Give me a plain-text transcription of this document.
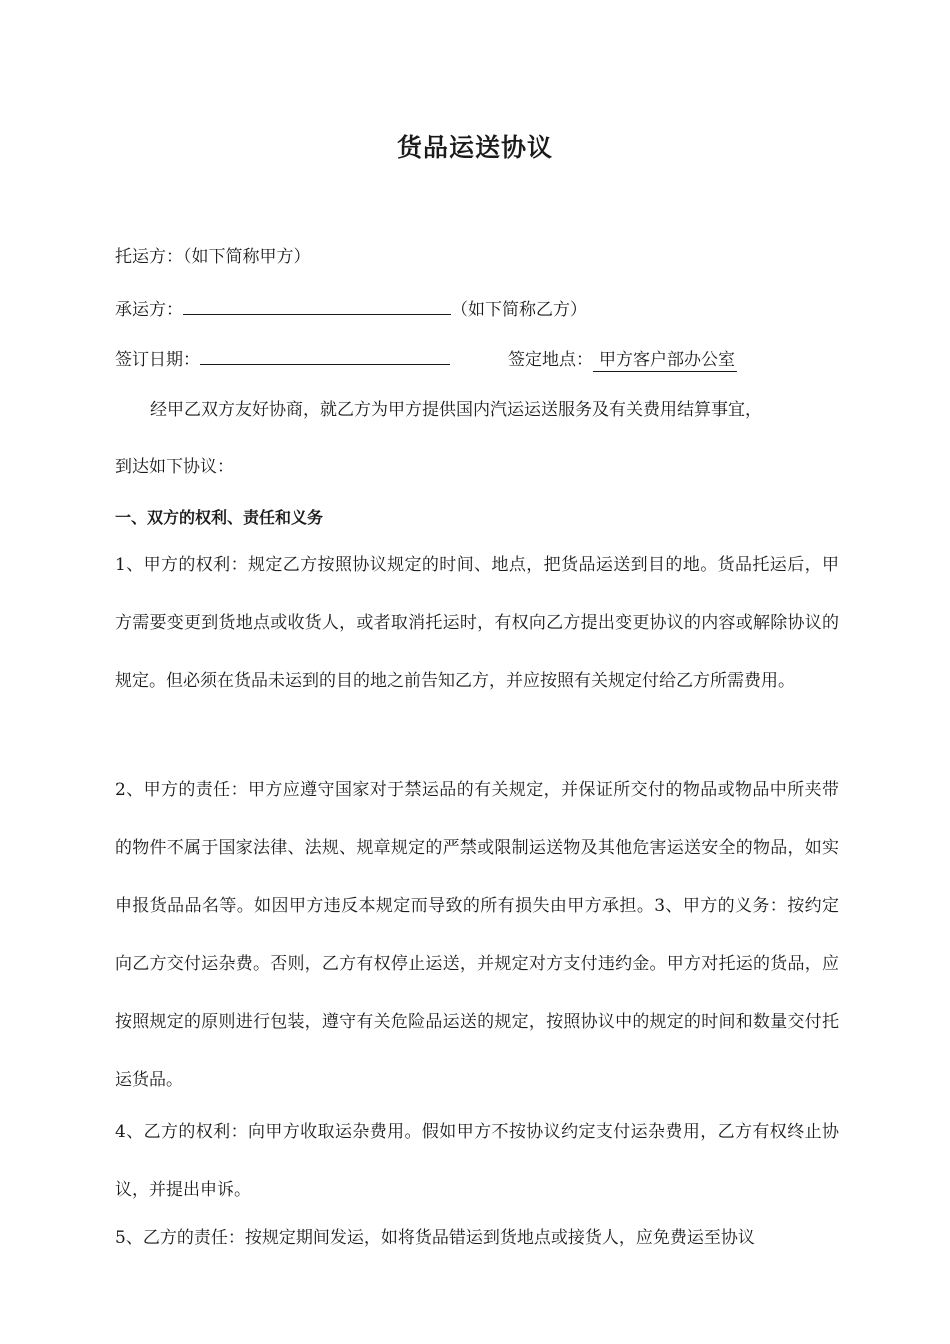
货品运送协议
托运方：（如下简称甲方）
承运方：	（如下简称乙方）
签订日期：	签定地点： 甲方客户部办公室
经甲乙双方友好协商，就乙方为甲方提供国内汽运运送服务及有关费用结算事宜，
到达如下协议：
一、双方的权利、责任和义务

1、甲方的权利：规定乙方按照协议规定的时间、地点，把货品运送到目的地。货品托运后，甲方需要变更到货地点或收货人，或者取消托运时，有权向乙方提出变更协议的内容或解除协议的规定。但必须在货品未运到的目的地之前告知乙方，并应按照有关规定付给乙方所需费用。

2、甲方的责任：甲方应遵守国家对于禁运品的有关规定，并保证所交付的物品或物品中所夹带的物件不属于国家法律、法规、规章规定的严禁或限制运送物及其他危害运送安全的物品，如实申报货品品名等。如因甲方违反本规定而导致的所有损失由甲方承担。3、甲方的义务：按约定向乙方交付运杂费。否则，乙方有权停止运送，并规定对方支付违约金。甲方对托运的货品，应按照规定的原则进行包装，遵守有关危险品运送的规定，按照协议中的规定的时间和数量交付托运货品。

4、乙方的权利：向甲方收取运杂费用。假如甲方不按协议约定支付运杂费用，乙方有权终止协议，并提出申诉。

5、乙方的责任：按规定期间发运，如将货品错运到货地点或接货人，应免费运至协议
